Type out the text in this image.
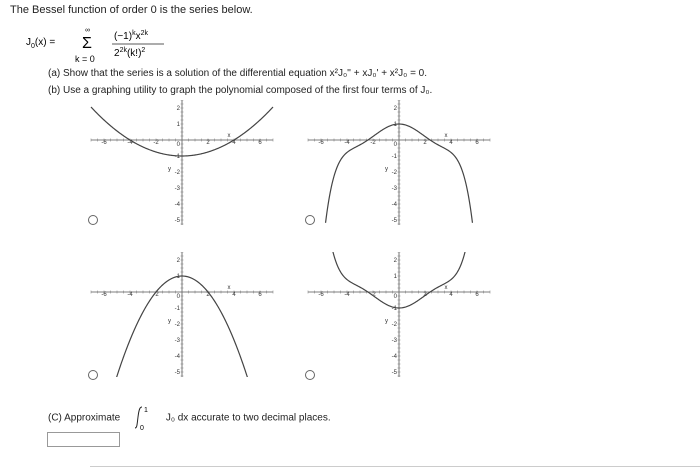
The Bessel function of order 0 is the series below.
$J_0(x)$ =
∞
Σ
k = 0
$(-1)^kx^{2k}$
$2^{2k}(k!)^2$
(a) Show that the series is a solution of the differential equation x²J₀'' + xJ₀' + x²J₀ = 0.
(b) Use a graphing utility to graph the polynomial composed of the first four terms of J₀.
-6	-4	-2	2	4	6
2
1
0
-1
-2
-3
-4
-5
x
y
-6	-4	-2	2	4	6
2
1
0
-1
-2
-3
-4
-5
x
y
-6	-4	-2	2	4	6
2
1
0
-1
-2
-3
-4
-5
x
y
-6	-4	-2	2	4	6
2
1
0
-1
-2
-3
-4
-5
x
y
(C) Approximate
1
0
J₀ dx accurate to two decimal places.
